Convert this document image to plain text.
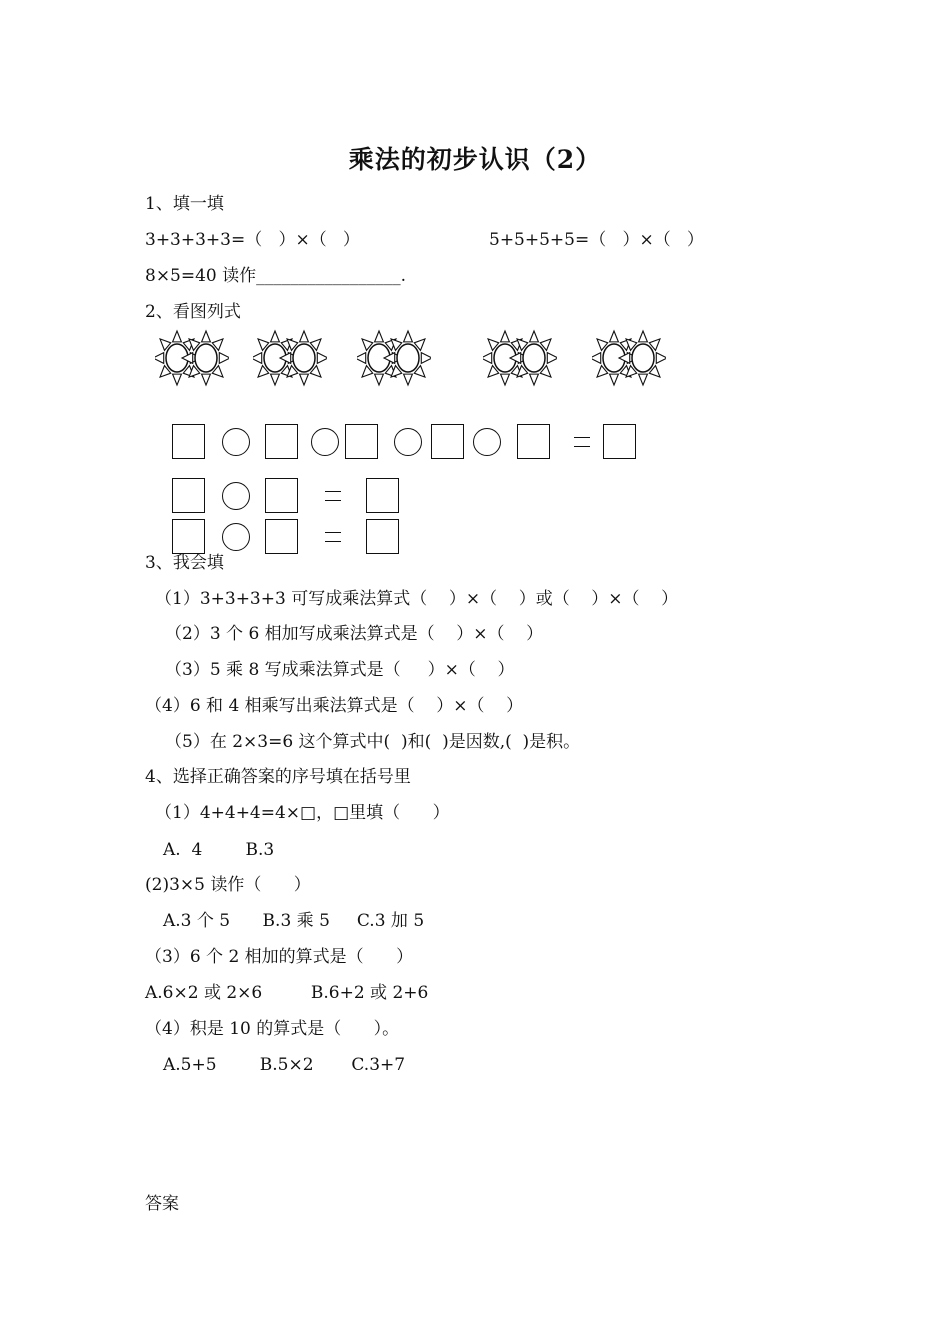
乘法的初步认识（2）
1、填一填
3+3+3+3=（   ）×（   ）	5+5+5+5=（   ）×（   ）
8×5=40 读作_________________.
2、看图列式
3、我会填
（1）3+3+3+3 可写成乘法算式（    ）×（    ）或（    ）×（    ）
（2）3 个 6 相加写成乘法算式是（    ）×（    ）
（3）5 乘 8 写成乘法算式是（     ）×（    ）
（4）6 和 4 相乘写出乘法算式是（    ）×（    ）
（5）在 2×3=6 这个算式中(  )和(  )是因数,(  )是积。
4、选择正确答案的序号填在括号里
（1）4+4+4=4×□，□里填（      ）
A.  4        B.3
(2)3×5 读作（      ）
A.3 个 5      B.3 乘 5     C.3 加 5
（3）6 个 2 相加的算式是（      ）
A.6×2 或 2×6         B.6+2 或 2+6
（4）积是 10 的算式是（      ）。
A.5+5        B.5×2       C.3+7
答案
